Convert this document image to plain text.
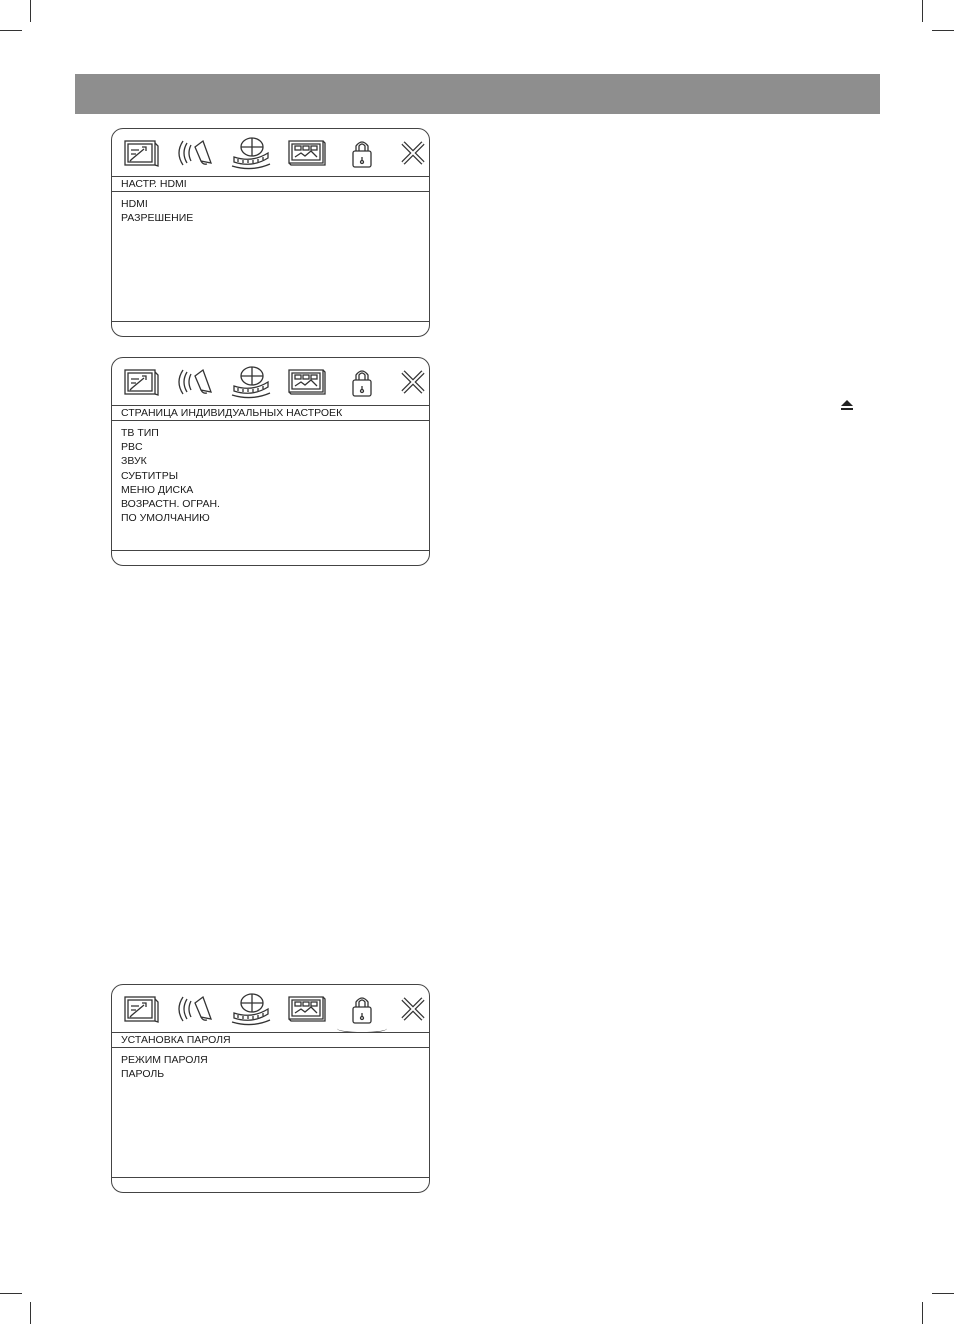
НАСТР. HDMI
HDMI
РАЗРЕШЕНИЕ
СТРАНИЦА ИНДИВИДУАЛЬНЫХ НАСТРОЕК
ТВ ТИП
PBC
ЗВУК
СУБТИТРЫ
МЕНЮ ДИСКА
ВОЗРАСТН. ОГРАН.
ПО УМОЛЧАНИЮ
УСТАНОВКА ПАРОЛЯ
РЕЖИМ ПАРОЛЯ
ПАРОЛЬ
